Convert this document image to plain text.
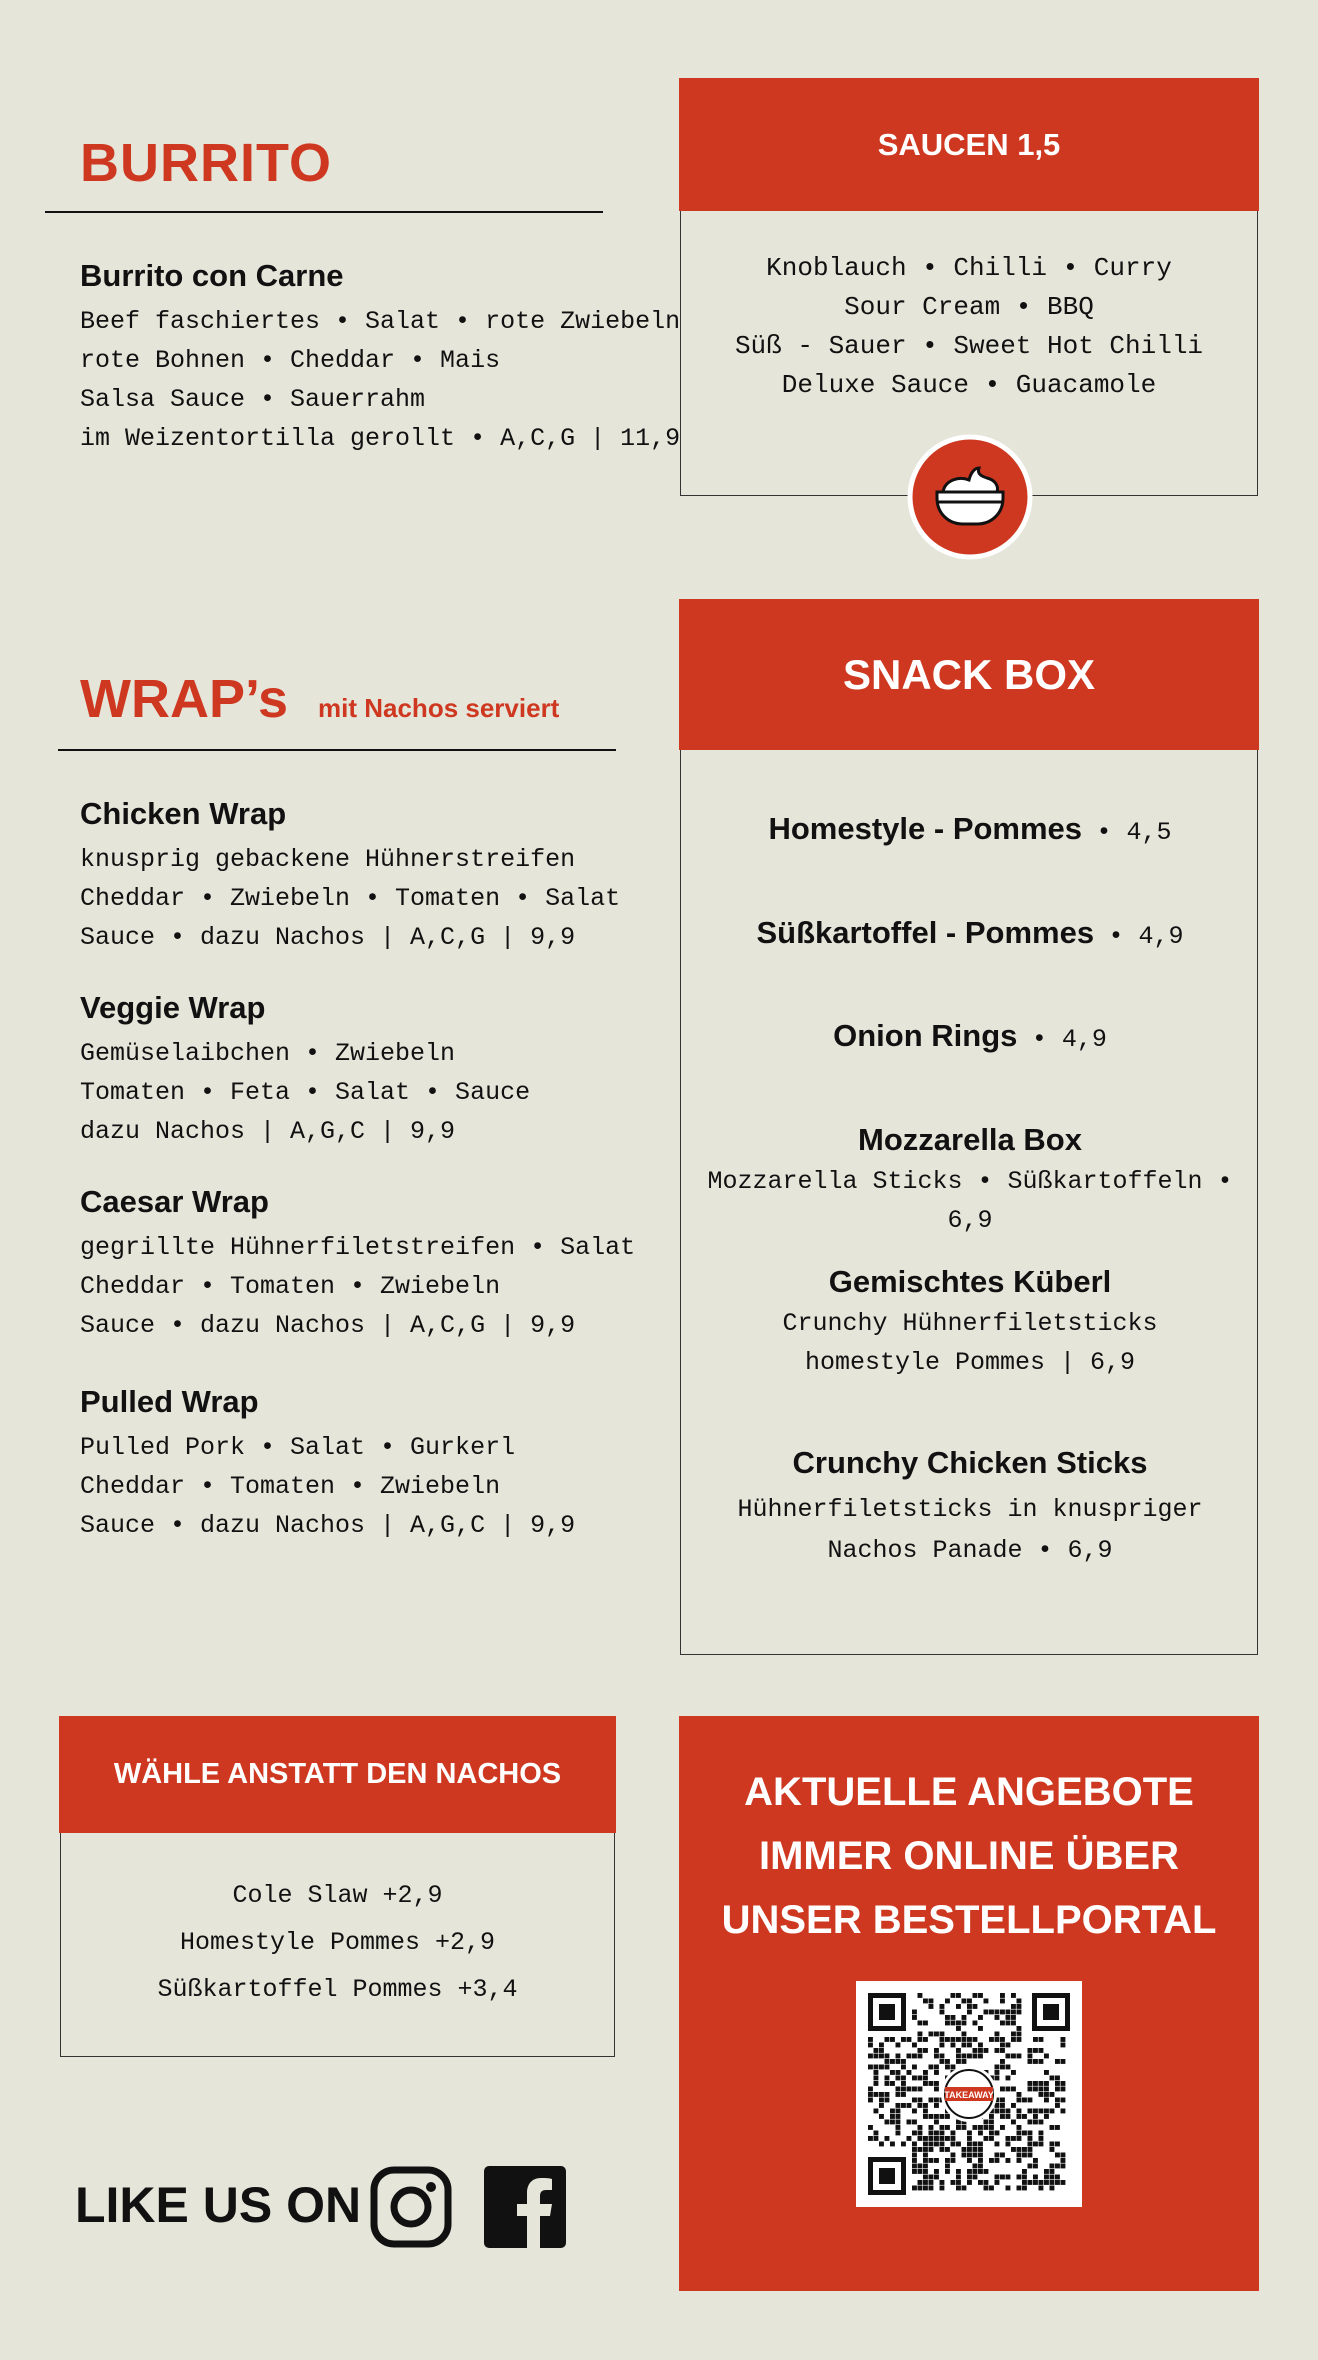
BURRITO
Burrito con Carne
Beef faschiertes • Salat • rote Zwiebeln
rote Bohnen • Cheddar • Mais
Salsa Sauce • Sauerrahm
im Weizentortilla gerollt • A,C,G | 11,9
WRAP’s mit Nachos serviert
Chicken Wrap
knusprig gebackene Hühnerstreifen
Cheddar • Zwiebeln • Tomaten • Salat
Sauce • dazu Nachos | A,C,G | 9,9
Veggie Wrap
Gemüselaibchen • Zwiebeln
Tomaten • Feta • Salat • Sauce
dazu Nachos | A,G,C | 9,9
Caesar Wrap
gegrillte Hühnerfiletstreifen • Salat
Cheddar • Tomaten • Zwiebeln
Sauce • dazu Nachos | A,C,G | 9,9
Pulled Wrap
Pulled Pork • Salat • Gurkerl
Cheddar • Tomaten • Zwiebeln
Sauce • dazu Nachos | A,G,C | 9,9
WÄHLE ANSTATT DEN NACHOS
Cole Slaw +2,9
Homestyle Pommes +2,9
Süßkartoffel Pommes +3,4
LIKE US ON
SAUCEN 1,5
Knoblauch • Chilli • Curry
Sour Cream • BBQ
Süß - Sauer • Sweet Hot Chilli
Deluxe Sauce • Guacamole
SNACK BOX
Homestyle - Pommes • 4,5
Süßkartoffel - Pommes • 4,9
Onion Rings • 4,9
Mozzarella Box
Mozzarella Sticks • Süßkartoffeln • 6,9
Gemischtes Küberl
Crunchy Hühnerfiletsticks
homestyle Pommes | 6,9
Crunchy Chicken Sticks
Hühnerfiletsticks in knuspriger
Nachos Panade • 6,9
AKTUELLE ANGEBOTE
IMMER ONLINE ÜBER
UNSER BESTELLPORTAL
TAKEAWAY
